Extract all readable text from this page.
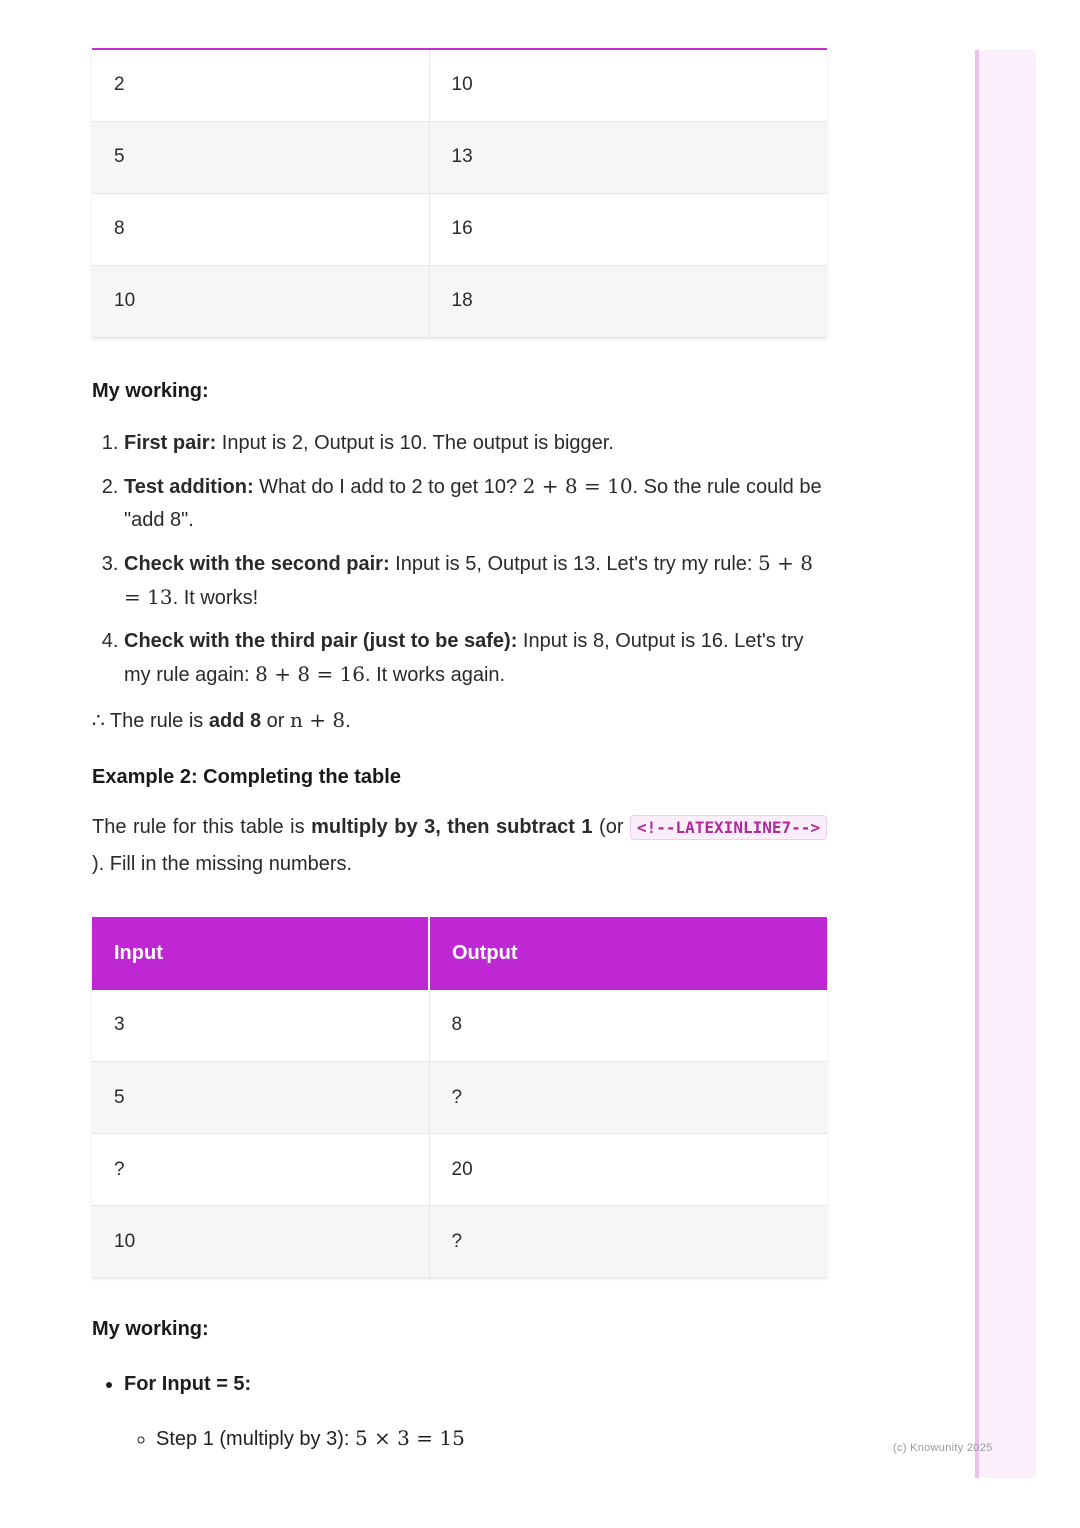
(c) Knowunity 2025
2	10
5	13
8	16
10	18
My working:
1. First pair: Input is 2, Output is 10. The output is bigger.
2. Test addition: What do I add to 2 to get 10? 2 + 8 = 10. So the rule could be "add 8".
3. Check with the second pair: Input is 5, Output is 13. Let's try my rule: 5 + 8 = 13. It works!
4. Check with the third pair (just to be safe): Input is 8, Output is 16. Let's try my rule again: 8 + 8 = 16. It works again.
∴ The rule is add 8 or n + 8.
Example 2: Completing the table
The rule for this table is multiply by 3, then subtract 1 (or <!--LATEXINLINE7-->
). Fill in the missing numbers.
Input	Output
3	8
5	?
?	20
10	?
My working:
• For Input = 5:
◦ Step 1 (multiply by 3): 5 × 3 = 15
